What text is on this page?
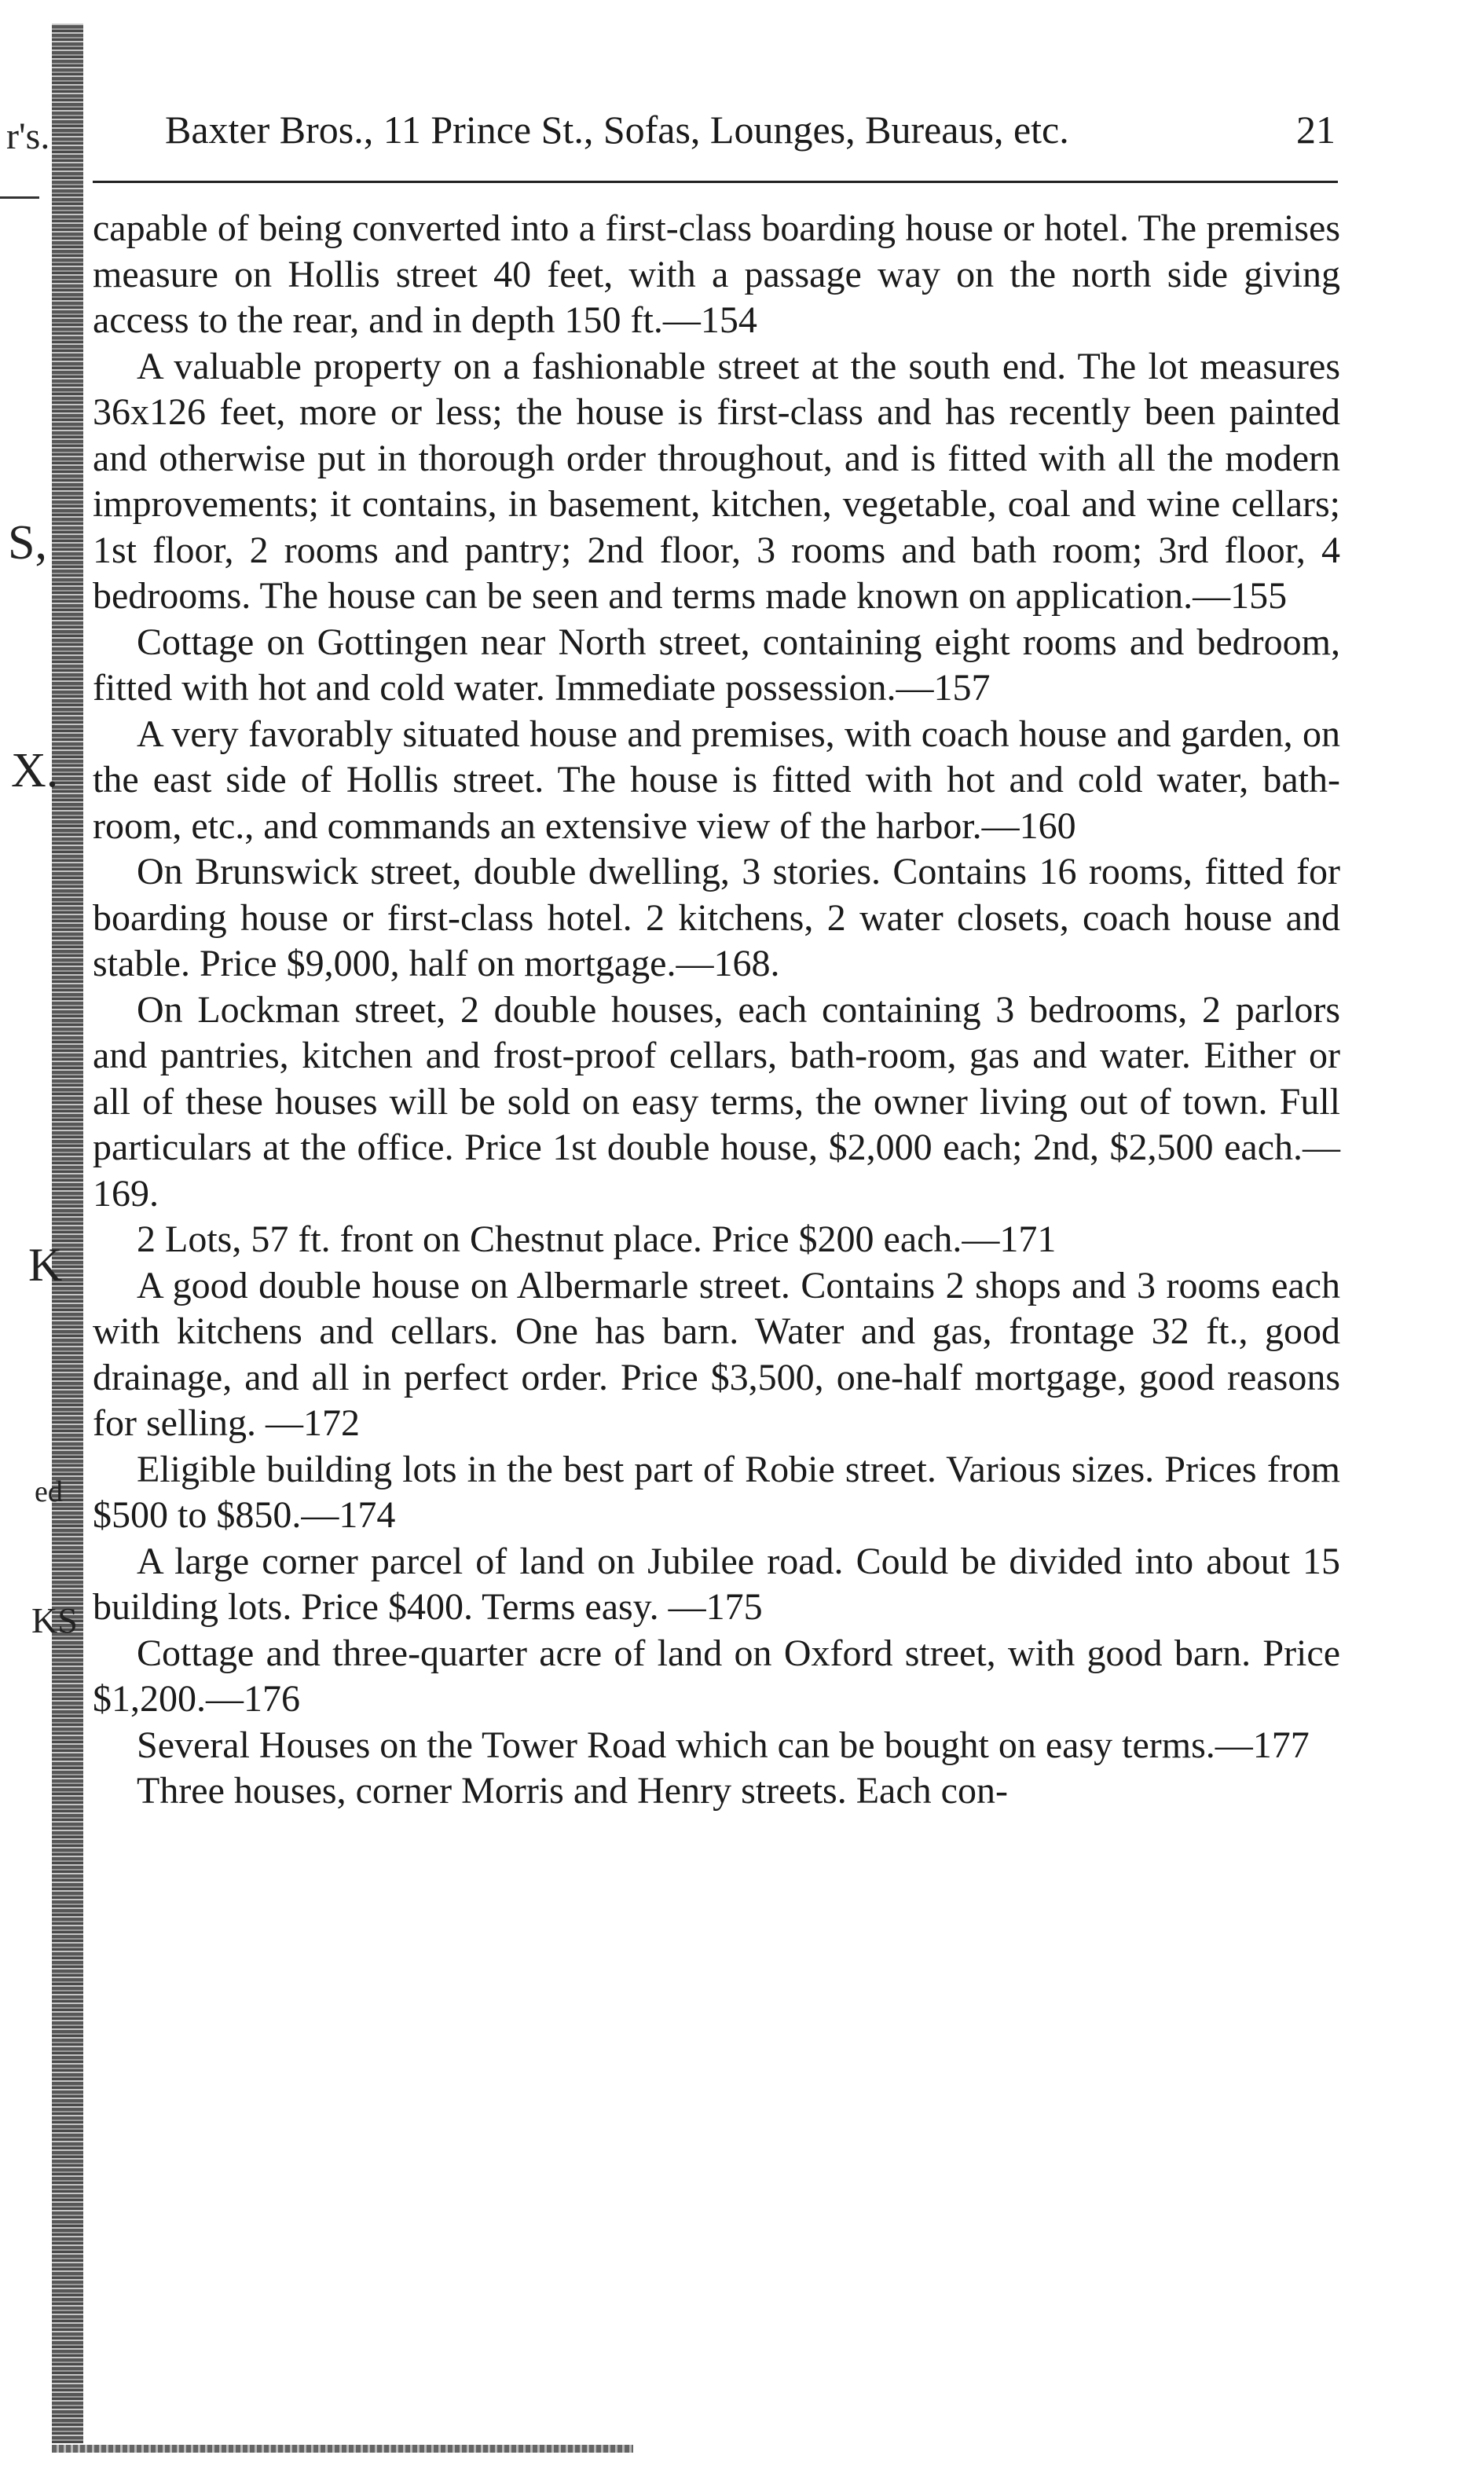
r's.
S,
X.
K
ed
KS
Baxter Bros., 11 Prince St., Sofas, Lounges, Bureaus, etc.	21

capable of being converted into a first-class boarding house or hotel. The premises measure on Hollis street 40 feet, with a passage way on the north side giving access to the rear, and in depth 150 ft.—154

A valuable property on a fashionable street at the south end. The lot measures 36x126 feet, more or less; the house is first-class and has recently been painted and otherwise put in thorough order throughout, and is fitted with all the modern improvements; it contains, in basement, kitchen, vegetable, coal and wine cellars; 1st floor, 2 rooms and pantry; 2nd floor, 3 rooms and bath room; 3rd floor, 4 bedrooms. The house can be seen and terms made known on application.—155

Cottage on Gottingen near North street, containing eight rooms and bedroom, fitted with hot and cold water. Immediate possession.—157

A very favorably situated house and premises, with coach house and garden, on the east side of Hollis street. The house is fitted with hot and cold water, bath-room, etc., and commands an extensive view of the harbor.—160

On Brunswick street, double dwelling, 3 stories. Contains 16 rooms, fitted for boarding house or first-class hotel. 2 kitchens, 2 water closets, coach house and stable. Price $9,000, half on mortgage.—168.

On Lockman street, 2 double houses, each containing 3 bedrooms, 2 parlors and pantries, kitchen and frost-proof cellars, bath-room, gas and water. Either or all of these houses will be sold on easy terms, the owner living out of town. Full particulars at the office. Price 1st double house, $2,000 each; 2nd, $2,500 each.—169.

2 Lots, 57 ft. front on Chestnut place. Price $200 each.—171

A good double house on Albermarle street. Contains 2 shops and 3 rooms each with kitchens and cellars. One has barn. Water and gas, frontage 32 ft., good drainage, and all in perfect order. Price $3,500, one-half mortgage, good reasons for selling. —172

Eligible building lots in the best part of Robie street. Various sizes. Prices from $500 to $850.—174

A large corner parcel of land on Jubilee road. Could be divided into about 15 building lots. Price $400. Terms easy. —175

Cottage and three-quarter acre of land on Oxford street, with good barn. Price $1,200.—176

Several Houses on the Tower Road which can be bought on easy terms.—177

Three houses, corner Morris and Henry streets. Each con-
